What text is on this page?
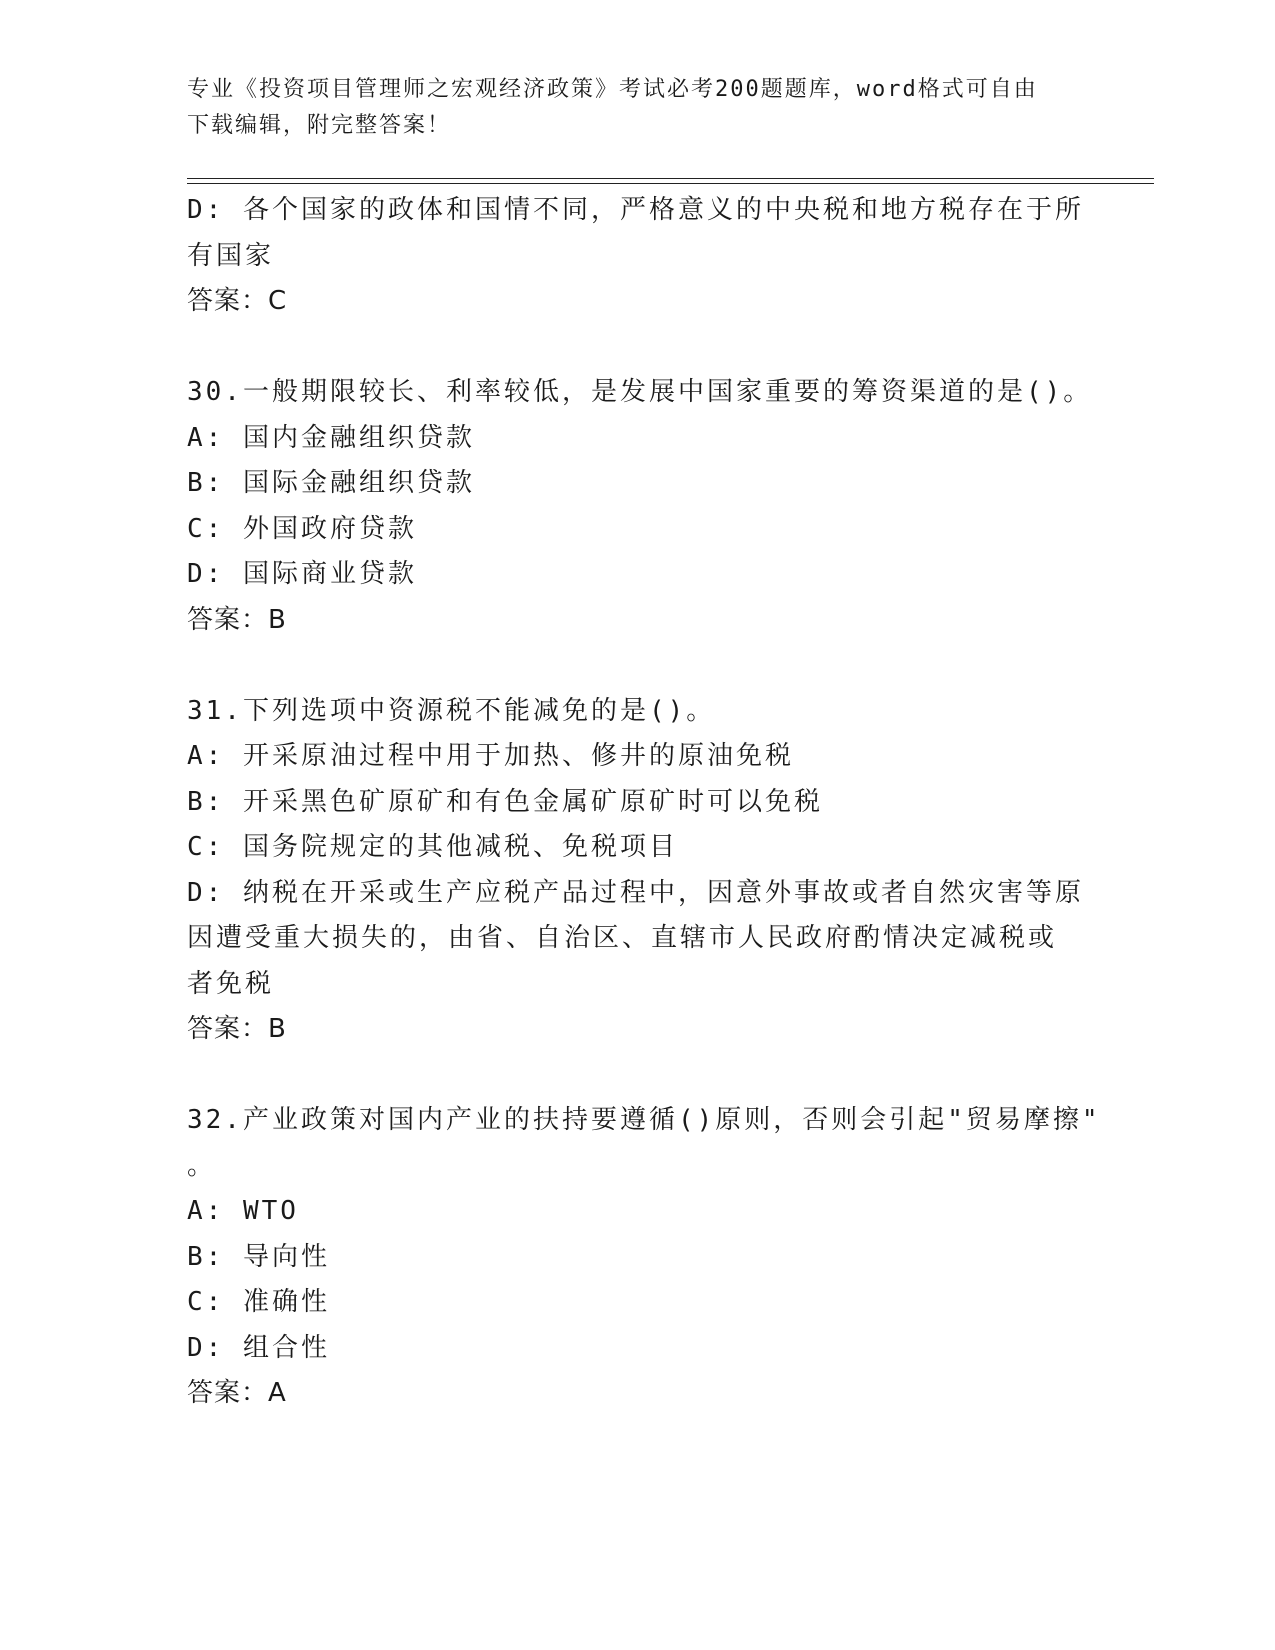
专业《投资项目管理师之宏观经济政策》考试必考200题题库，word格式可自由
下载编辑，附完整答案！
D: 各个国家的政体和国情不同，严格意义的中央税和地方税存在于所
有国家
答案：C
30.一般期限较长、利率较低，是发展中国家重要的筹资渠道的是()。
A: 国内金融组织贷款
B: 国际金融组织贷款
C: 外国政府贷款
D: 国际商业贷款
答案：B
31.下列选项中资源税不能减免的是()。
A: 开采原油过程中用于加热、修井的原油免税
B: 开采黑色矿原矿和有色金属矿原矿时可以免税
C: 国务院规定的其他减税、免税项目
D: 纳税在开采或生产应税产品过程中，因意外事故或者自然灾害等原
因遭受重大损失的，由省、自治区、直辖市人民政府酌情决定减税或
者免税
答案：B
32.产业政策对国内产业的扶持要遵循()原则，否则会引起"贸易摩擦"
。
A: WTO
B: 导向性
C: 准确性
D: 组合性
答案：A
